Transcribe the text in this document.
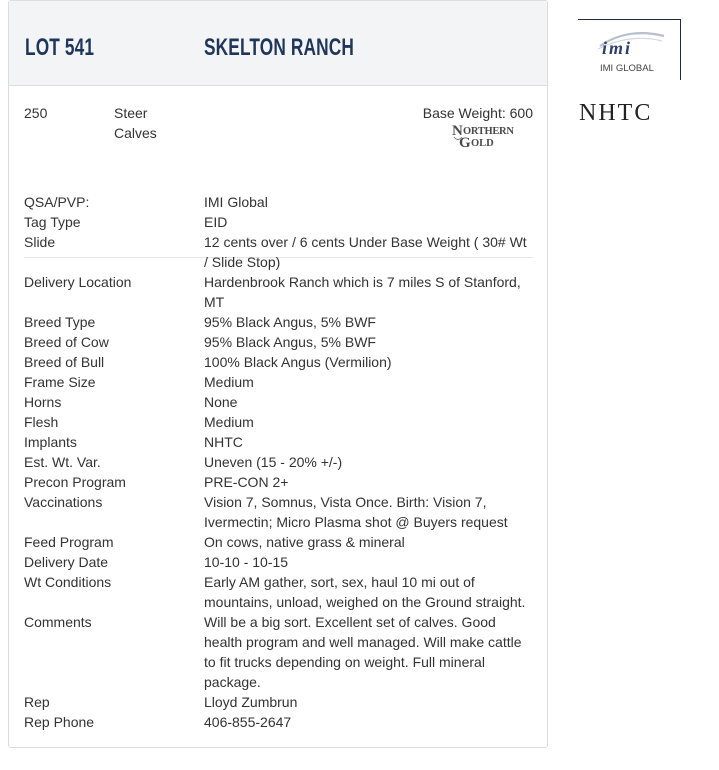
LOT 541	SKELTON RANCH
250	Steer
Calves
Base Weight: 600
N ORTHERN
G OLD
QSA/PVP:	IMI Global
Tag Type	EID
Slide	12 cents over / 6 cents Under Base Weight ( 30# Wt / Slide Stop)
Delivery Location	Hardenbrook Ranch which is 7 miles S of Stanford, MT
Breed Type	95% Black Angus, 5% BWF
Breed of Cow	95% Black Angus, 5% BWF
Breed of Bull	100% Black Angus (Vermilion)
Frame Size	Medium
Horns	None
Flesh	Medium
Implants	NHTC
Est. Wt. Var.	Uneven (15 - 20% +/-)
Precon Program	PRE-CON 2+
Vaccinations	Vision 7, Somnus, Vista Once. Birth: Vision 7, Ivermectin; Micro Plasma shot @ Buyers request
Feed Program	On cows, native grass & mineral
Delivery Date	10-10 - 10-15
Wt Conditions	Early AM gather, sort, sex, haul 10 mi out of mountains, unload, weighed on the Ground straight.
Comments	Will be a big sort. Excellent set of calves. Good health program and well managed. Will make cattle to fit trucks depending on weight. Full mineral package.
Rep	Lloyd Zumbrun
Rep Phone	406-855-2647
imi
IMI GLOBAL
NHTC
